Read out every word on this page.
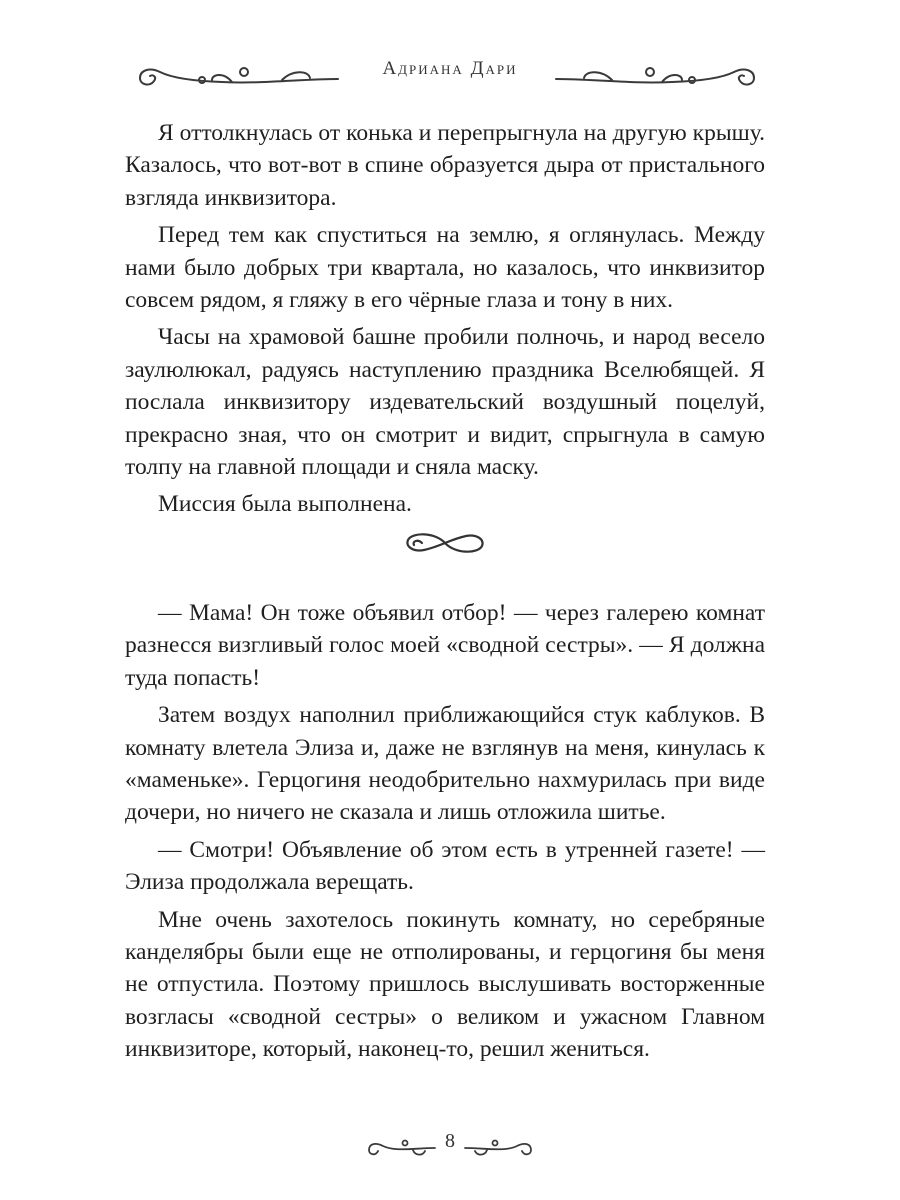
Адриана Дари

Я оттолкнулась от конька и перепрыгнула на другую крышу. Казалось, что вот-вот в спине образуется дыра от пристального взгляда инквизитора.

Перед тем как спуститься на землю, я оглянулась. Между нами было добрых три квартала, но казалось, что инквизитор совсем рядом, я гляжу в его чёрные глаза и тону в них.

Часы на храмовой башне пробили полночь, и народ весело заулюлюкал, радуясь наступлению праздника Вселюбящей. Я послала инквизитору издевательский воздушный поцелуй, прекрасно зная, что он смотрит и видит, спрыгнула в самую толпу на главной площади и сняла маску.

Миссия была выполнена.

— Мама! Он тоже объявил отбор! — через галерею комнат разнесся визгливый голос моей «сводной сестры». — Я должна туда попасть!

Затем воздух наполнил приближающийся стук каблуков. В комнату влетела Элиза и, даже не взглянув на меня, кинулась к «маменьке». Герцогиня неодобрительно нахмурилась при виде дочери, но ничего не сказала и лишь отложила шитье.

— Смотри! Объявление об этом есть в утренней газете! — Элиза продолжала верещать.

Мне очень захотелось покинуть комнату, но серебряные канделябры были еще не отполированы, и герцогиня бы меня не отпустила. Поэтому пришлось выслушивать восторженные возгласы «сводной сестры» о великом и ужасном Главном инквизиторе, который, наконец-то, решил жениться.

8
